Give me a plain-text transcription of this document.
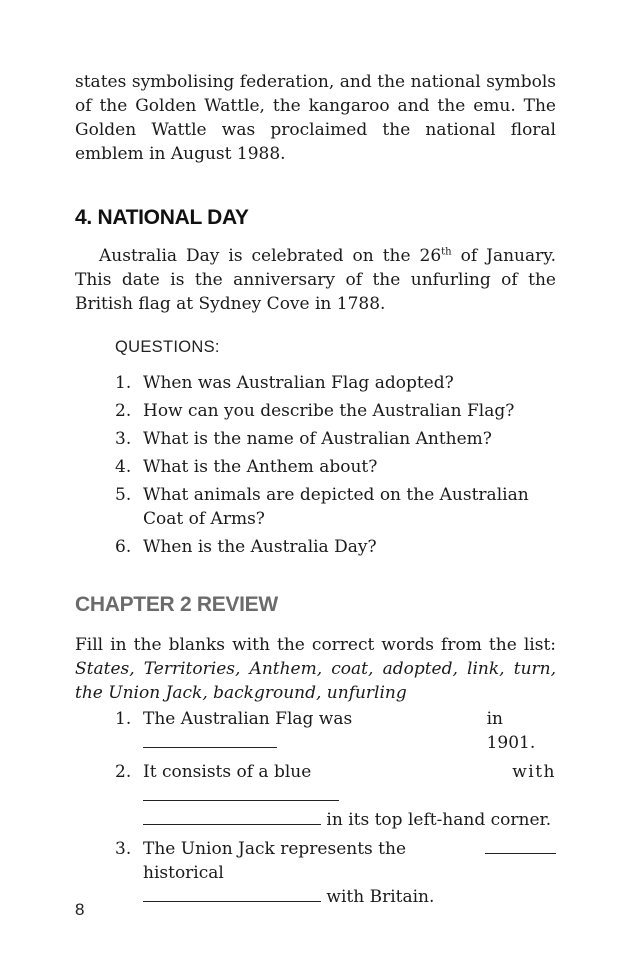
states symbolising federation, and the national symbols of the Golden Wattle, the kangaroo and the emu. The Golden Wattle was proclaimed the national floral emblem in August 1988.

4. NATIONAL DAY

Australia Day is celebrated on the 26th of January. This date is the anniversary of the unfurling of the British flag at Sydney Cove in 1788.

QUESTIONS:
1. When was Australian Flag adopted?
2. How can you describe the Australian Flag?
3. What is the name of Australian Anthem?
4. What is the Anthem about?
5. What animals are depicted on the Australian Coat of Arms?
6. When is the Australia Day?
CHAPTER 2 REVIEW

Fill in the blanks with the correct words from the list: States, Territories, Anthem, coat, adopted, link, turn, the Union Jack, background, unfurling

1. The Australian Flag was	in 1901.
2. It consists of a blue	with
in its top left-hand corner.
3. The Union Jack represents the historical
with Britain.
8
